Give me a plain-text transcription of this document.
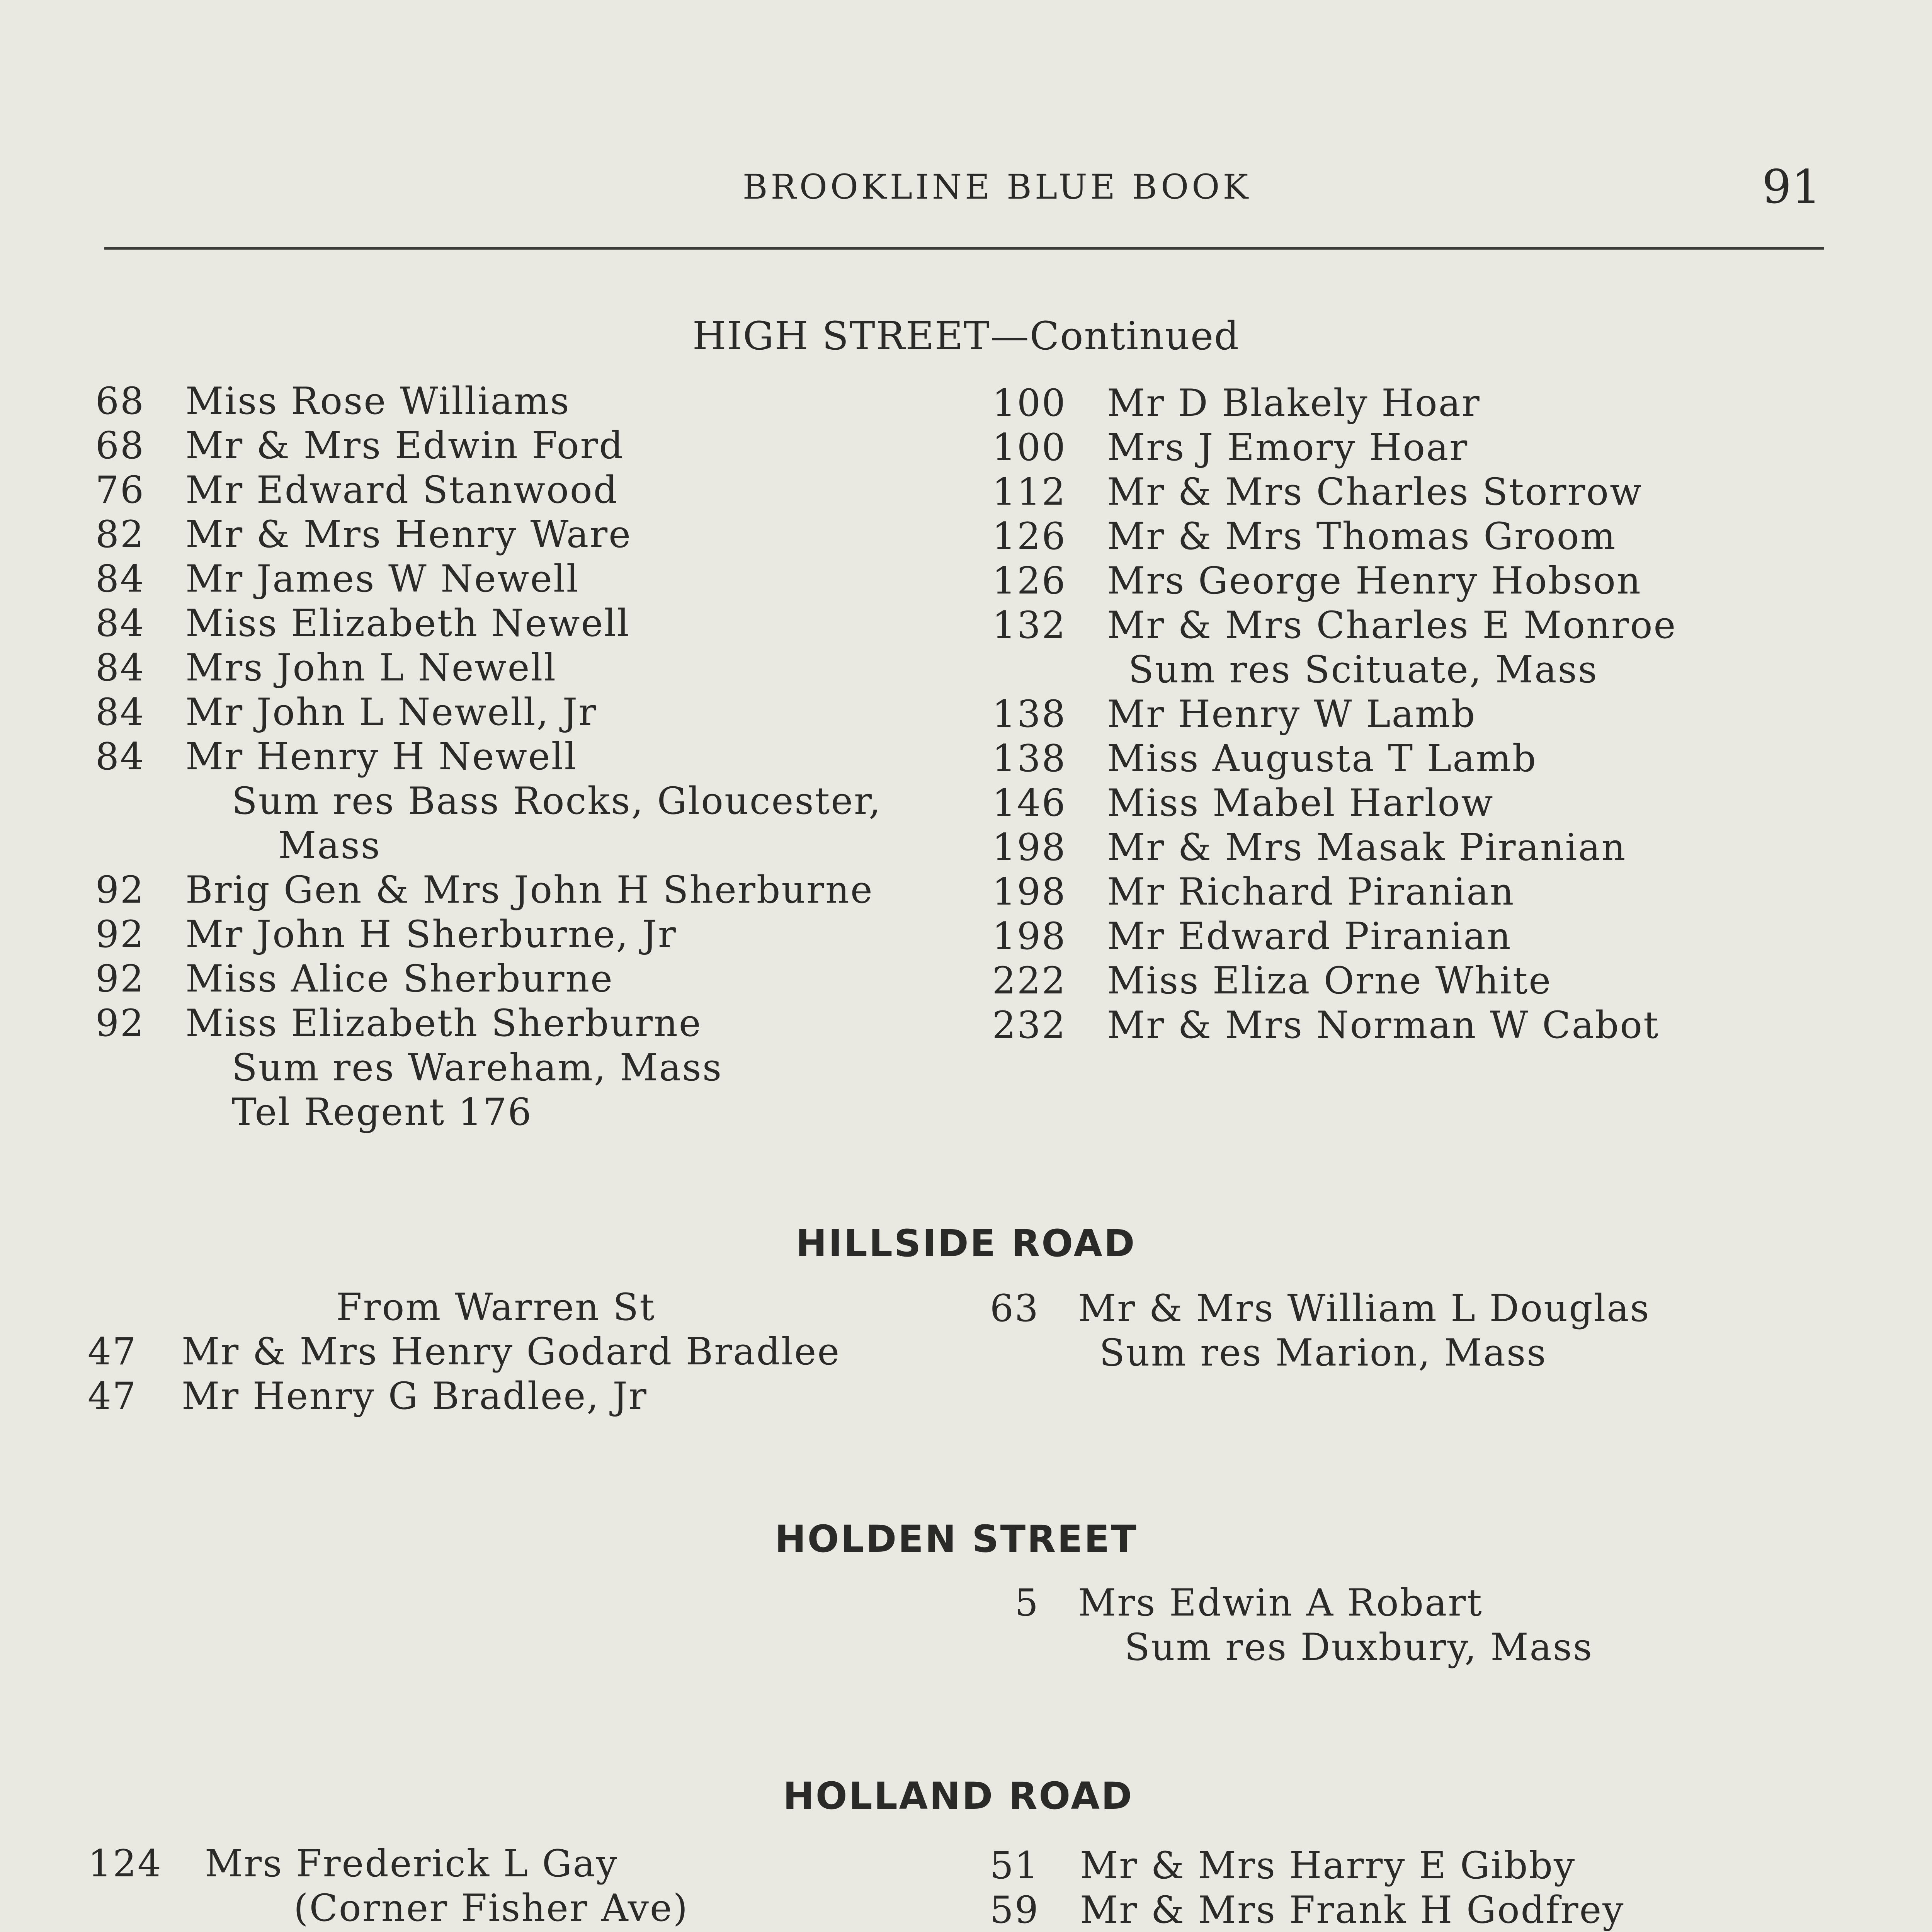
BROOKLINE BLUE BOOK	91
HIGH STREET—Continued
68 Miss Rose Williams
68 Mr & Mrs Edwin Ford
76 Mr Edward Stanwood
82 Mr & Mrs Henry Ware
84 Mr James W Newell
84 Miss Elizabeth Newell
84 Mrs John L Newell
84 Mr John L Newell, Jr
84 Mr Henry H Newell
Sum res Bass Rocks, Gloucester,
Mass
92 Brig Gen & Mrs John H Sherburne
92 Mr John H Sherburne, Jr
92 Miss Alice Sherburne
92 Miss Elizabeth Sherburne
Sum res Wareham, Mass
Tel Regent 176
100 Mr D Blakely Hoar
100 Mrs J Emory Hoar
112 Mr & Mrs Charles Storrow
126 Mr & Mrs Thomas Groom
126 Mrs George Henry Hobson
132 Mr & Mrs Charles E Monroe
Sum res Scituate, Mass
138 Mr Henry W Lamb
138 Miss Augusta T Lamb
146 Miss Mabel Harlow
198 Mr & Mrs Masak Piranian
198 Mr Richard Piranian
198 Mr Edward Piranian
222 Miss Eliza Orne White
232 Mr & Mrs Norman W Cabot
HILLSIDE ROAD
From Warren St
47 Mr & Mrs Henry Godard Bradlee
47 Mr Henry G Bradlee, Jr
63 Mr & Mrs William L Douglas
Sum res Marion, Mass
HOLDEN STREET
5 Mrs Edwin A Robart
Sum res Duxbury, Mass
HOLLAND ROAD
124 Mrs Frederick L Gay
(Corner Fisher Ave)
51 Mr & Mrs Harry E Gibby
59 Mr & Mrs Frank H Godfrey
